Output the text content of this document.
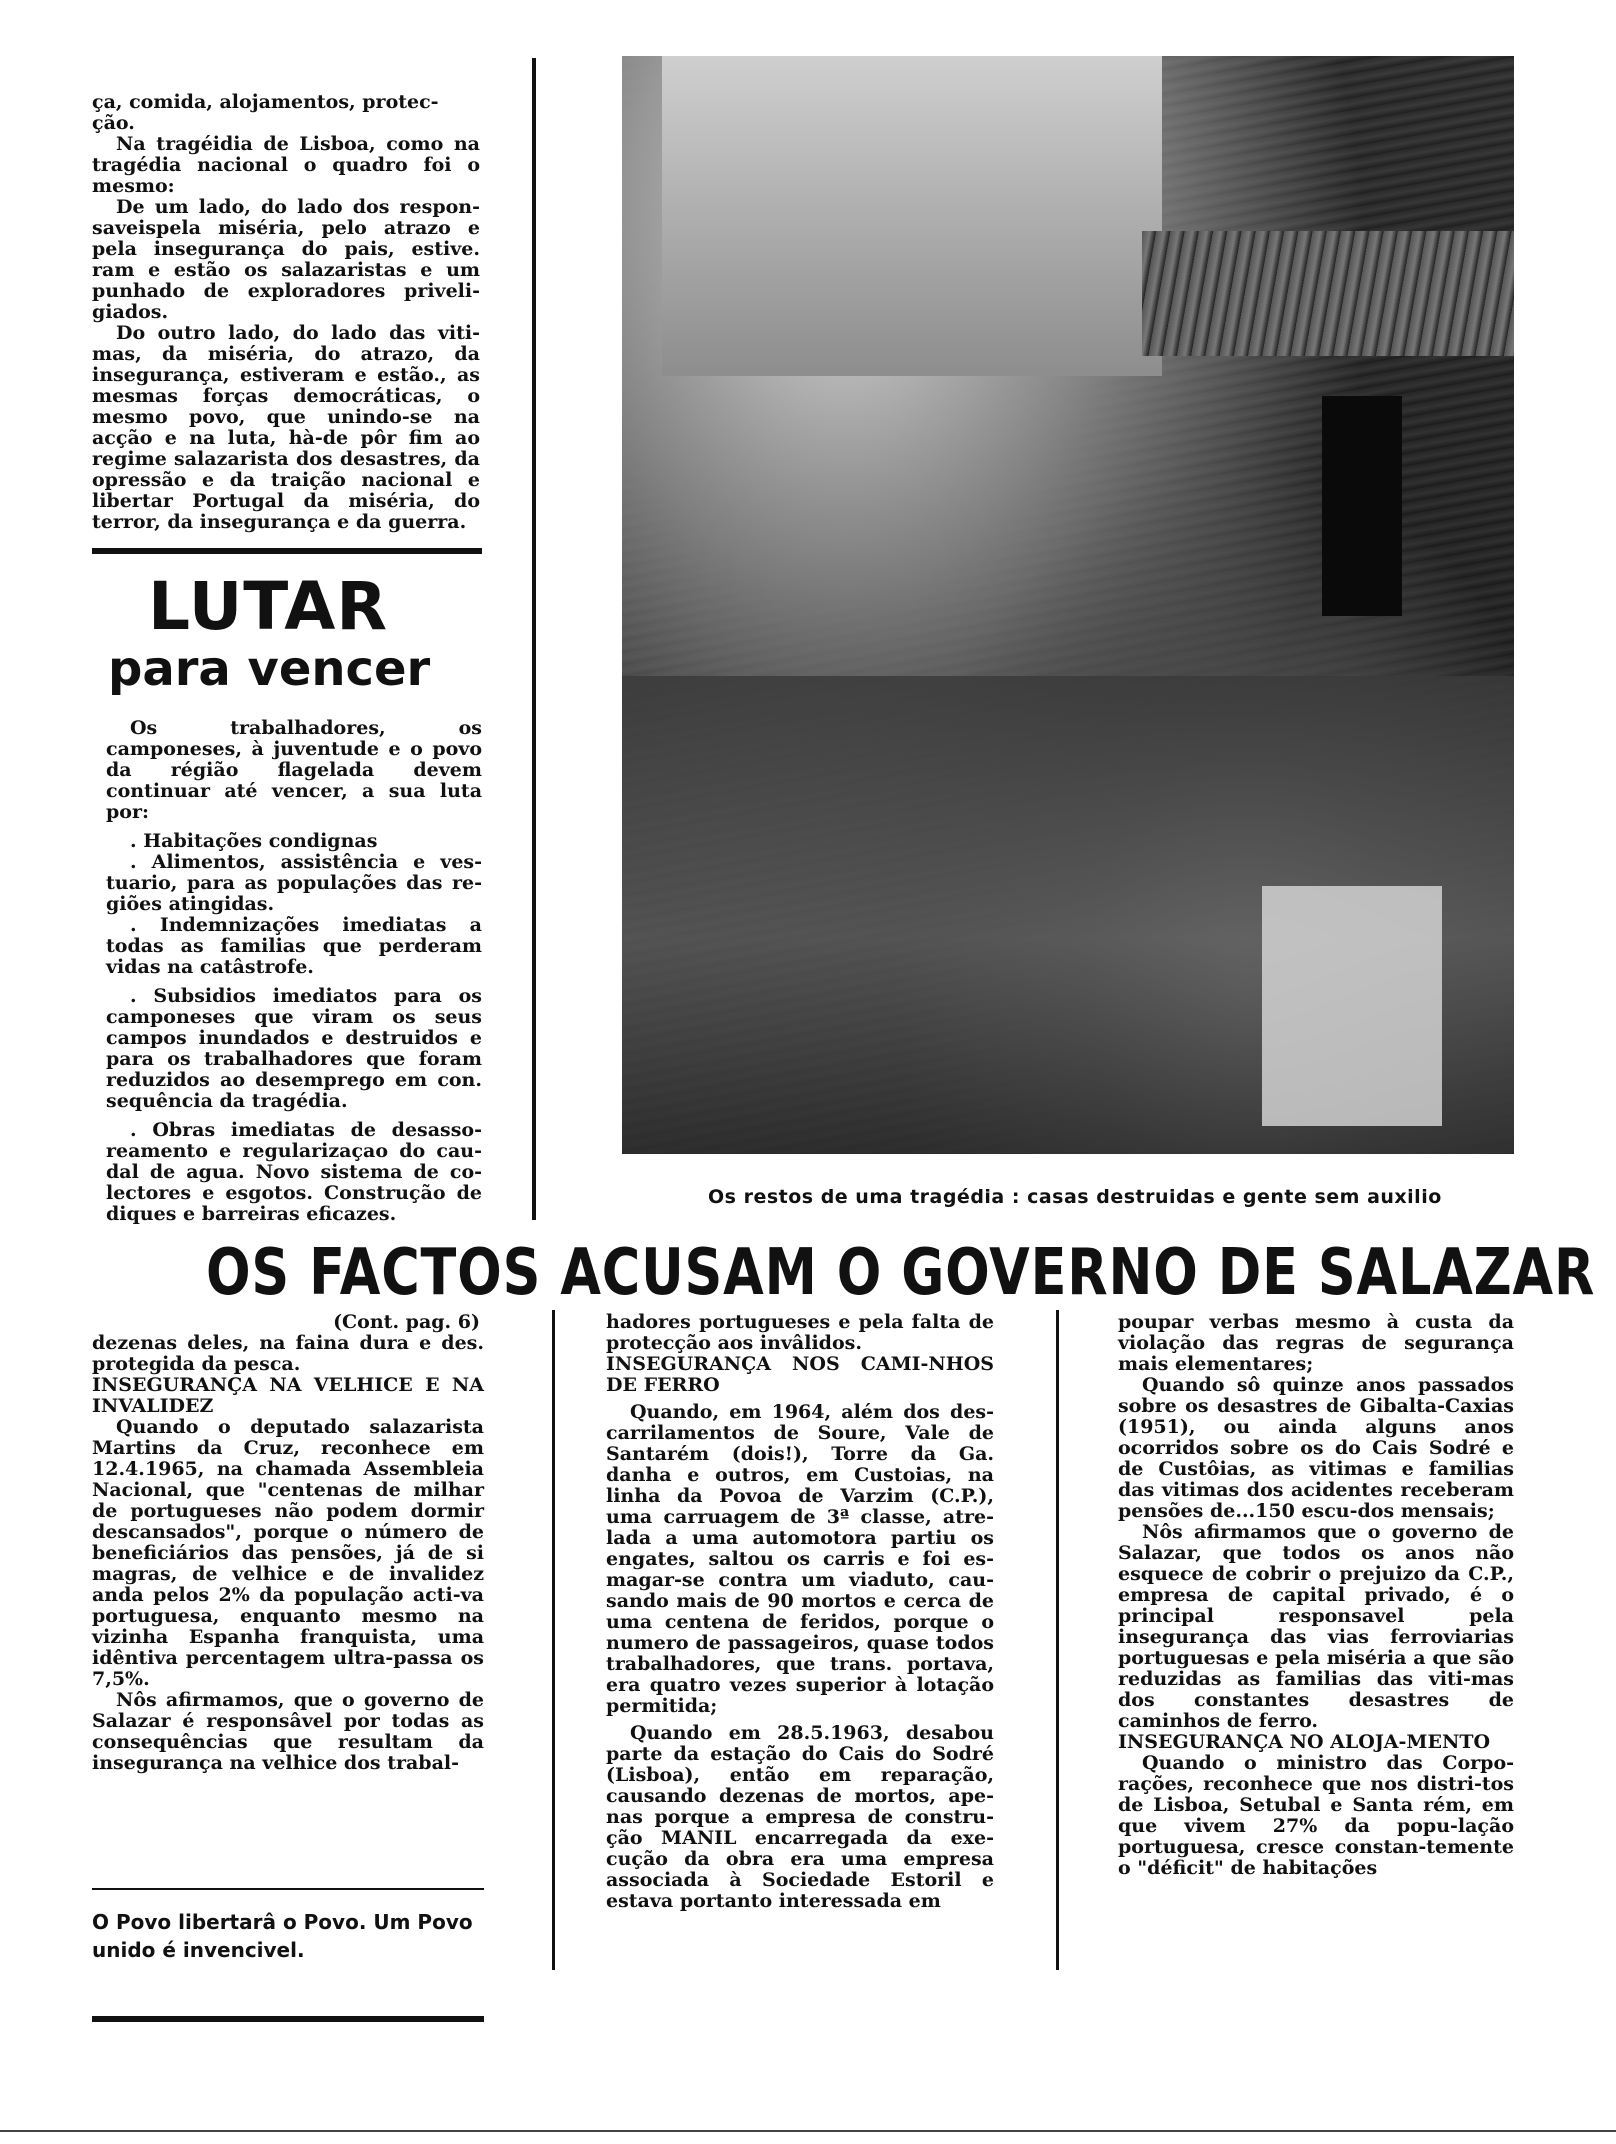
ça, comida, alojamentos, protec-

ção.

Na tragéidia de Lisboa, como na tragédia nacional o quadro foi o mesmo:

De um lado, do lado dos respon-saveispela miséria, pelo atrazo e pela insegurança do pais, estive. ram e estão os salazaristas e um punhado de exploradores priveli-giados.

Do outro lado, do lado das viti-mas, da miséria, do atrazo, da insegurança, estiveram e estão., as mesmas forças democráticas, o mesmo povo, que unindo-se na acção e na luta, hà-de pôr fim ao regime salazarista dos desastres, da opressão e da traição nacional e libertar Portugal da miséria, do terror, da insegurança e da guerra.

LUTAR
para vencer

Os trabalhadores, os camponeses, à juventude e o povo da régião flagelada devem continuar até vencer, a sua luta por:

. Habitações condignas

. Alimentos, assistência e ves-tuario, para as populações das re-giões atingidas.

. Indemnizações imediatas a todas as familias que perderam vidas na catâstrofe.

. Subsidios imediatos para os camponeses que viram os seus campos inundados e destruidos e para os trabalhadores que foram reduzidos ao desemprego em con. sequência da tragédia.

. Obras imediatas de desasso-reamento e regularizaçao do cau-dal de agua. Novo sistema de co-lectores e esgotos. Construção de diques e barreiras eficazes.

Os restos de uma tragédia : casas destruidas e gente sem auxilio
OS FACTOS ACUSAM O GOVERNO DE SALAZAR

(Cont. pag. 6)

dezenas deles, na faina dura e des. protegida da pesca.

INSEGURANÇA NA VELHICE E NA INVALIDEZ

Quando o deputado salazarista Martins da Cruz, reconhece em 12.4.1965, na chamada Assembleia Nacional, que "centenas de milhar de portugueses não podem dormir descansados", porque o número de beneficiários das pensões, já de si magras, de velhice e de invalidez anda pelos 2% da população acti-va portuguesa, enquanto mesmo na vizinha Espanha franquista, uma idêntiva percentagem ultra-passa os 7,5%.

Nôs afirmamos, que o governo de Salazar é responsâvel por todas as consequências que resultam da insegurança na velhice dos trabal-

O Povo libertarâ o Povo. Um Povo unido é invencivel.

hadores portugueses e pela falta de protecção aos invâlidos.

INSEGURANÇA NOS CAMI-NHOS DE FERRO

Quando, em 1964, além dos des-carrilamentos de Soure, Vale de Santarém (dois!), Torre da Ga. danha e outros, em Custoias, na linha da Povoa de Varzim (C.P.), uma carruagem de 3ª classe, atre-lada a uma automotora partiu os engates, saltou os carris e foi es-magar-se contra um viaduto, cau-sando mais de 90 mortos e cerca de uma centena de feridos, porque o numero de passageiros, quase todos trabalhadores, que trans. portava, era quatro vezes superior à lotação permitida;

Quando em 28.5.1963, desabou parte da estação do Cais do Sodré (Lisboa), então em reparação, causando dezenas de mortos, ape-nas porque a empresa de constru-ção MANIL encarregada da exe-cução da obra era uma empresa associada à Sociedade Estoril e estava portanto interessada em

poupar verbas mesmo à custa da violação das regras de segurança mais elementares;

Quando sô quinze anos passados sobre os desastres de Gibalta-Caxias (1951), ou ainda alguns anos ocorridos sobre os do Cais Sodré e de Custôias, as vitimas e familias das vitimas dos acidentes receberam pensões de...150 escu-dos mensais;

Nôs afirmamos que o governo de Salazar, que todos os anos não esquece de cobrir o prejuizo da C.P., empresa de capital privado, é o principal responsavel pela insegurança das vias ferroviarias portuguesas e pela miséria a que são reduzidas as familias das viti-mas dos constantes desastres de caminhos de ferro.

INSEGURANÇA NO ALOJA-MENTO

Quando o ministro das Corpo-rações, reconhece que nos distri-tos de Lisboa, Setubal e Santa rém, em que vivem 27% da popu-lação portuguesa, cresce constan-temente o "déficit" de habitações
